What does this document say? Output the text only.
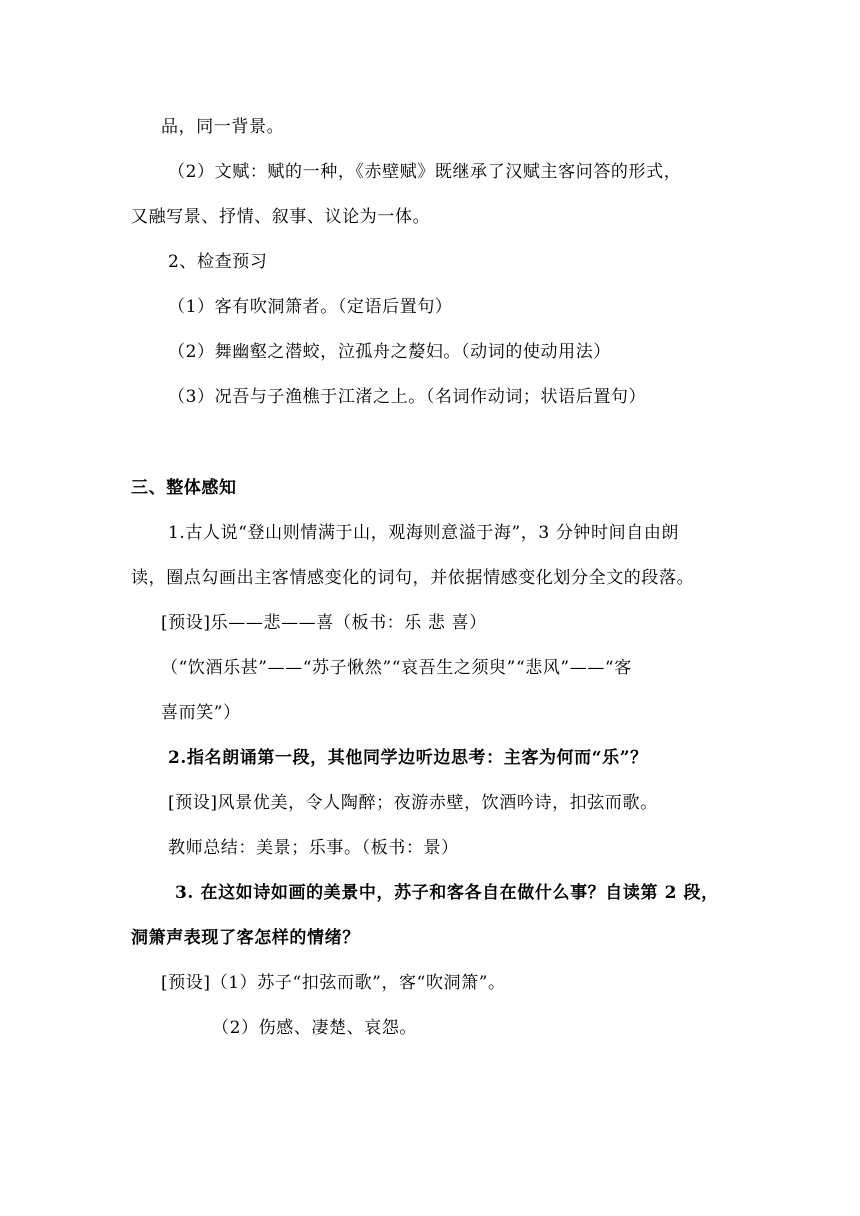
品，同一背景。
（2）文赋：赋的一种，《赤壁赋》既继承了汉赋主客问答的形式，
又融写景、抒情、叙事、议论为一体。
2、检查预习
（1）客有吹洞箫者。（定语后置句）
（2）舞幽壑之潜蛟，泣孤舟之嫠妇。（动词的使动用法）
（3）况吾与子渔樵于江渚之上。（名词作动词；状语后置句）
三、整体感知
1.古人说“登山则情满于山，观海则意溢于海”，3 分钟时间自由朗
读，圈点勾画出主客情感变化的词句，并依据情感变化划分全文的段落。
[预设]乐——悲——喜（板书：乐 悲 喜）
（“饮酒乐甚”——“苏子愀然”“哀吾生之须臾”“悲风”——“客
喜而笑”）
2.指名朗诵第一段，其他同学边听边思考：主客为何而“乐”？
[预设]风景优美，令人陶醉；夜游赤壁，饮酒吟诗，扣弦而歌。
教师总结：美景；乐事。（板书：景）
3. 在这如诗如画的美景中，苏子和客各自在做什么事？自读第 2 段，
洞箫声表现了客怎样的情绪？
[预设]（1）苏子“扣弦而歌”，客“吹洞箫”。
（2）伤感、凄楚、哀怨。
